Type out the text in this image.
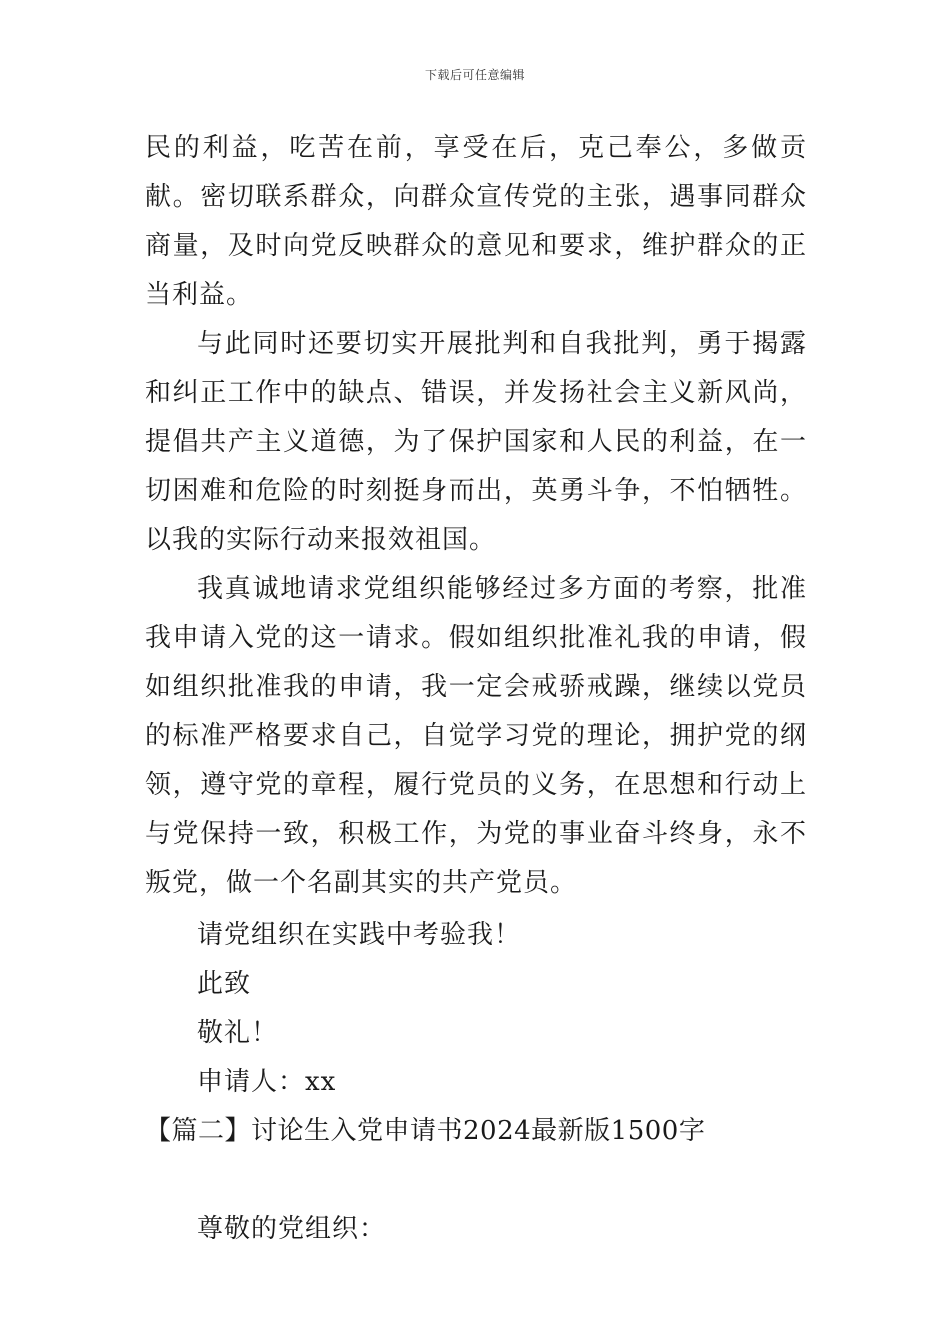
下载后可任意编辑

民的利益，吃苦在前，享受在后，克己奉公，多做贡献。密切联系群众，向群众宣传党的主张，遇事同群众商量，及时向党反映群众的意见和要求，维护群众的正当利益。

与此同时还要切实开展批判和自我批判，勇于揭露和纠正工作中的缺点、错误，并发扬社会主义新风尚，提倡共产主义道德，为了保护国家和人民的利益，在一切困难和危险的时刻挺身而出，英勇斗争，不怕牺牲。以我的实际行动来报效祖国。

我真诚地请求党组织能够经过多方面的考察，批准我申请入党的这一请求。假如组织批准礼我的申请，假如组织批准我的申请，我一定会戒骄戒躁，继续以党员的标准严格要求自己，自觉学习党的理论，拥护党的纲领，遵守党的章程，履行党员的义务，在思想和行动上与党保持一致，积极工作，为党的事业奋斗终身，永不叛党，做一个名副其实的共产党员。

请党组织在实践中考验我！

此致

敬礼！

申请人：xx

【篇二】讨论生入党申请书2024最新版1500字

尊敬的党组织：
